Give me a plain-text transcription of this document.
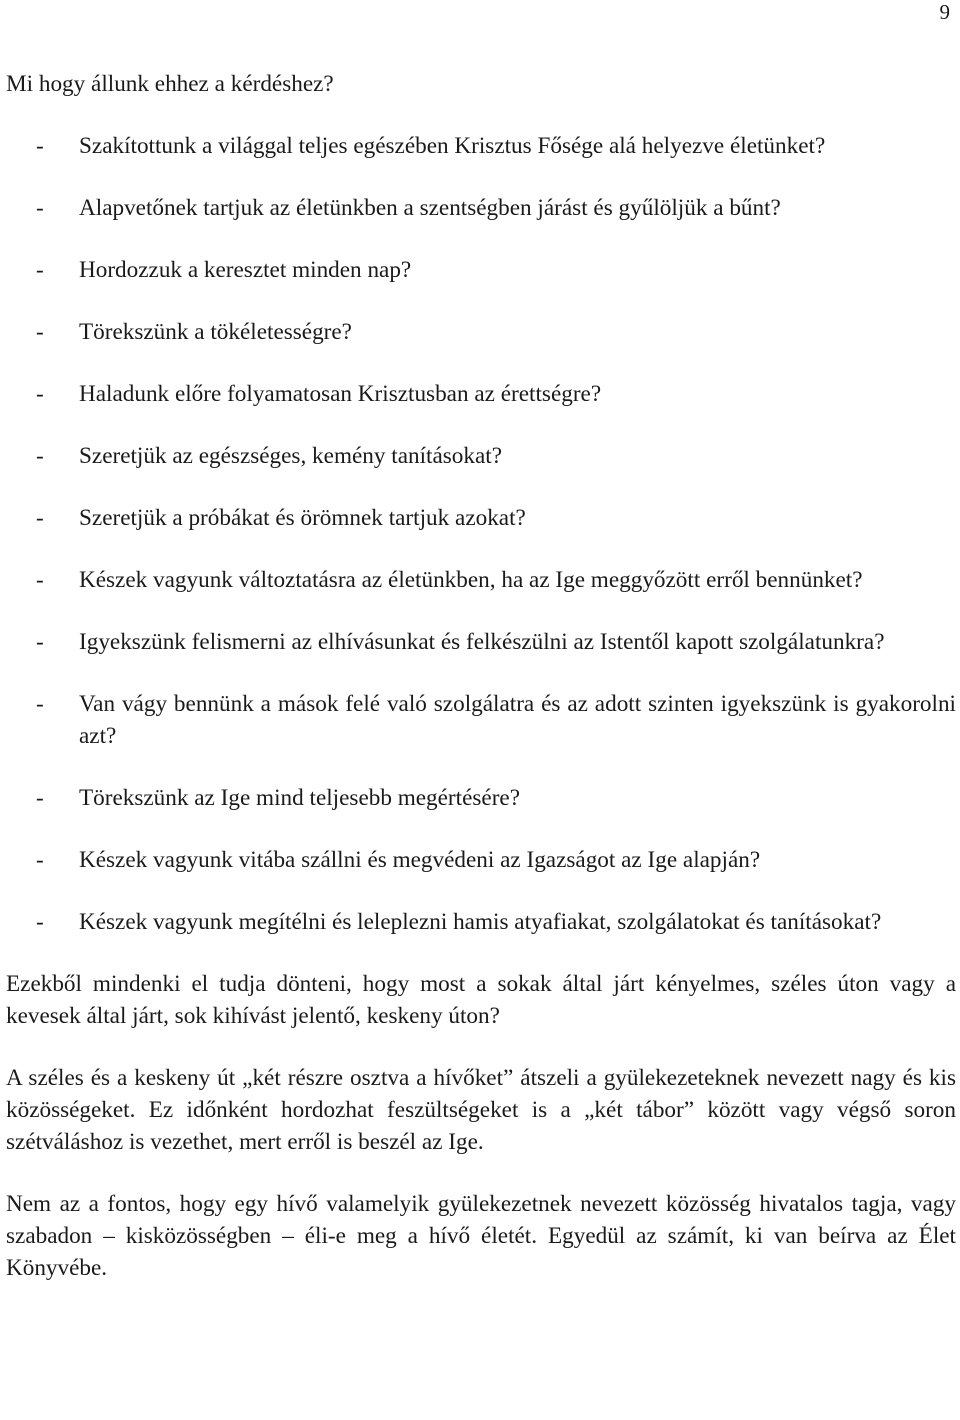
9

Mi hogy állunk ehhez a kérdéshez?

- Szakítottunk a világgal teljes egészében Krisztus Fősége alá helyezve életünket?
- Alapvetőnek tartjuk az életünkben a szentségben járást és gyűlöljük a bűnt?
- Hordozzuk a keresztet minden nap?
- Törekszünk a tökéletességre?
- Haladunk előre folyamatosan Krisztusban az érettségre?
- Szeretjük az egészséges, kemény tanításokat?
- Szeretjük a próbákat és örömnek tartjuk azokat?
- Készek vagyunk változtatásra az életünkben, ha az Ige meggyőzött erről bennünket?
- Igyekszünk felismerni az elhívásunkat és felkészülni az Istentől kapott szolgálatunkra?
- Van vágy bennünk a mások felé való szolgálatra és az adott szinten igyekszünk is gyakorolni azt?
- Törekszünk az Ige mind teljesebb megértésére?
- Készek vagyunk vitába szállni és megvédeni az Igazságot az Ige alapján?
- Készek vagyunk megítélni és leleplezni hamis atyafiakat, szolgálatokat és tanításokat?

Ezekből mindenki el tudja dönteni, hogy most a sokak által járt kényelmes, széles úton vagy a kevesek által járt, sok kihívást jelentő, keskeny úton?

A széles és a keskeny út „két részre osztva a hívőket” átszeli a gyülekezeteknek nevezett nagy és kis közösségeket. Ez időnként hordozhat feszültségeket is a „két tábor” között vagy végső soron szétváláshoz is vezethet, mert erről is beszél az Ige.

Nem az a fontos, hogy egy hívő valamelyik gyülekezetnek nevezett közösség hivatalos tagja, vagy szabadon – kisközösségben – éli-e meg a hívő életét. Egyedül az számít, ki van beírva az Élet Könyvébe.
